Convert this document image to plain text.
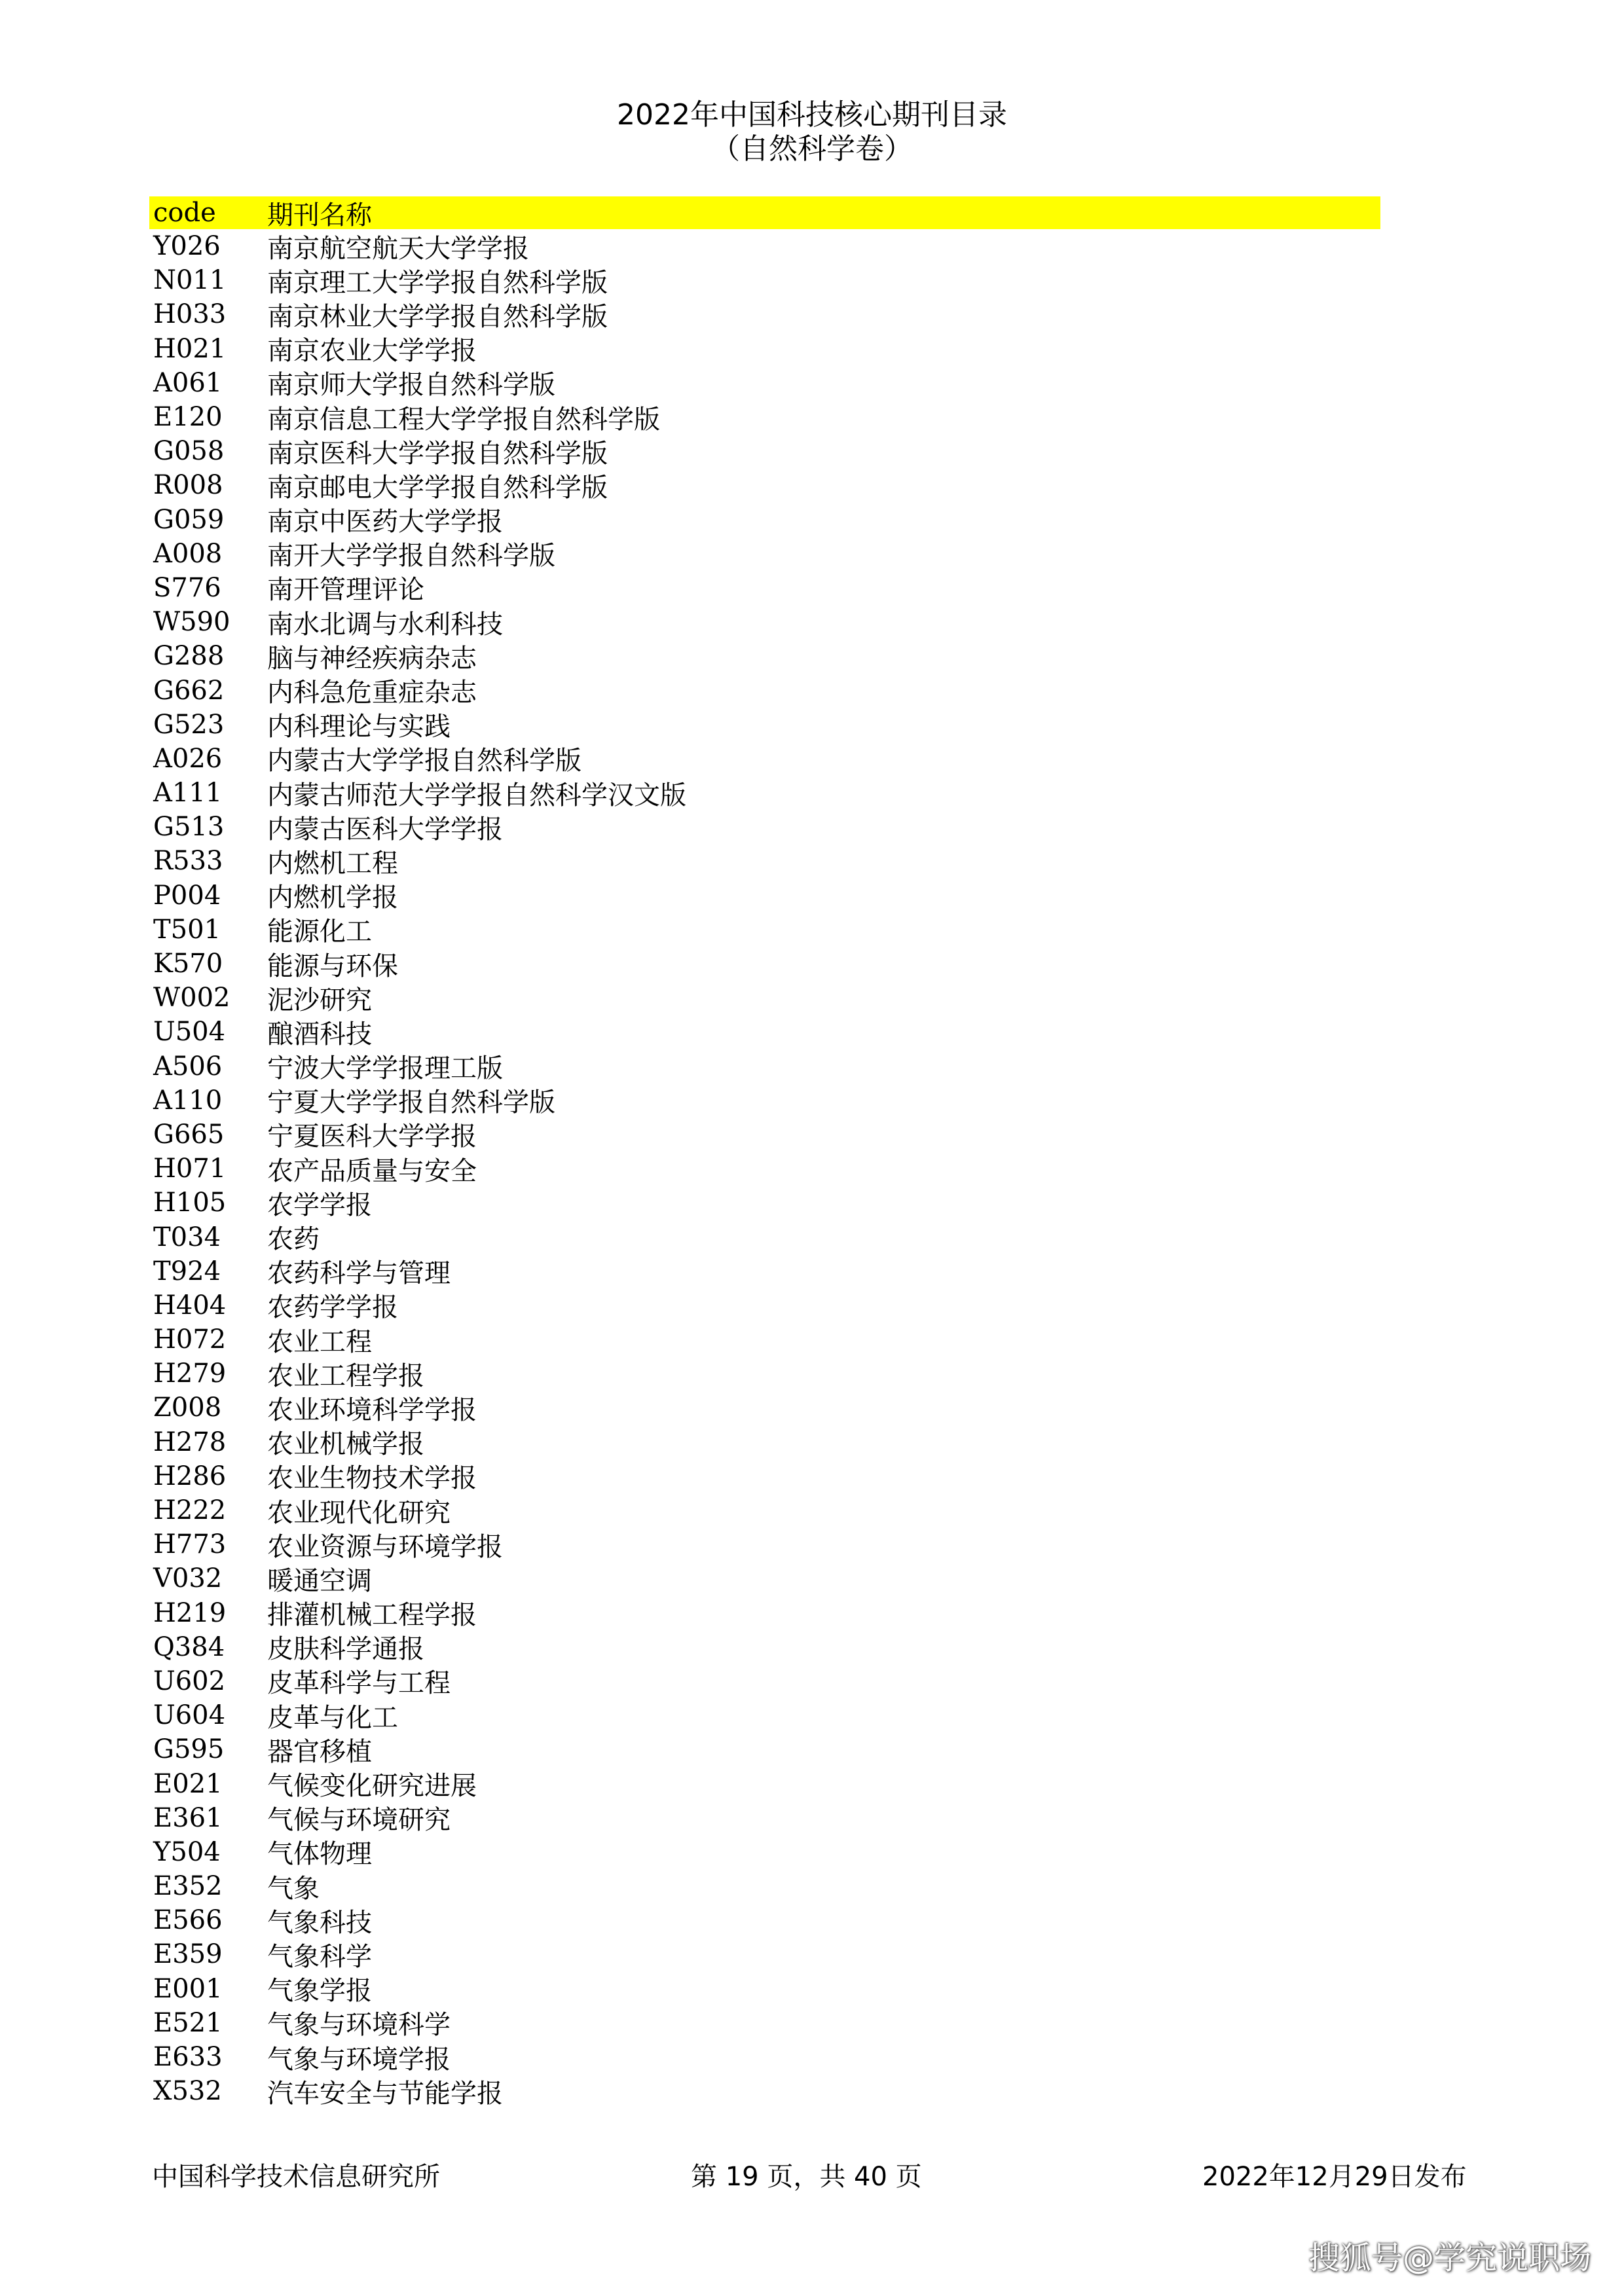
2022年中国科技核心期刊目录
（自然科学卷）
code	期刊名称
Y026	南京航空航天大学学报
N011	南京理工大学学报自然科学版
H033	南京林业大学学报自然科学版
H021	南京农业大学学报
A061	南京师大学报自然科学版
E120	南京信息工程大学学报自然科学版
G058	南京医科大学学报自然科学版
R008	南京邮电大学学报自然科学版
G059	南京中医药大学学报
A008	南开大学学报自然科学版
S776	南开管理评论
W590	南水北调与水利科技
G288	脑与神经疾病杂志
G662	内科急危重症杂志
G523	内科理论与实践
A026	内蒙古大学学报自然科学版
A111	内蒙古师范大学学报自然科学汉文版
G513	内蒙古医科大学学报
R533	内燃机工程
P004	内燃机学报
T501	能源化工
K570	能源与环保
W002	泥沙研究
U504	酿酒科技
A506	宁波大学学报理工版
A110	宁夏大学学报自然科学版
G665	宁夏医科大学学报
H071	农产品质量与安全
H105	农学学报
T034	农药
T924	农药科学与管理
H404	农药学学报
H072	农业工程
H279	农业工程学报
Z008	农业环境科学学报
H278	农业机械学报
H286	农业生物技术学报
H222	农业现代化研究
H773	农业资源与环境学报
V032	暖通空调
H219	排灌机械工程学报
Q384	皮肤科学通报
U602	皮革科学与工程
U604	皮革与化工
G595	器官移植
E021	气候变化研究进展
E361	气候与环境研究
Y504	气体物理
E352	气象
E566	气象科技
E359	气象科学
E001	气象学报
E521	气象与环境科学
E633	气象与环境学报
X532	汽车安全与节能学报
中国科学技术信息研究所	第 19 页，共 40 页	2022年12月29日发布
搜狐号@学究说职场
